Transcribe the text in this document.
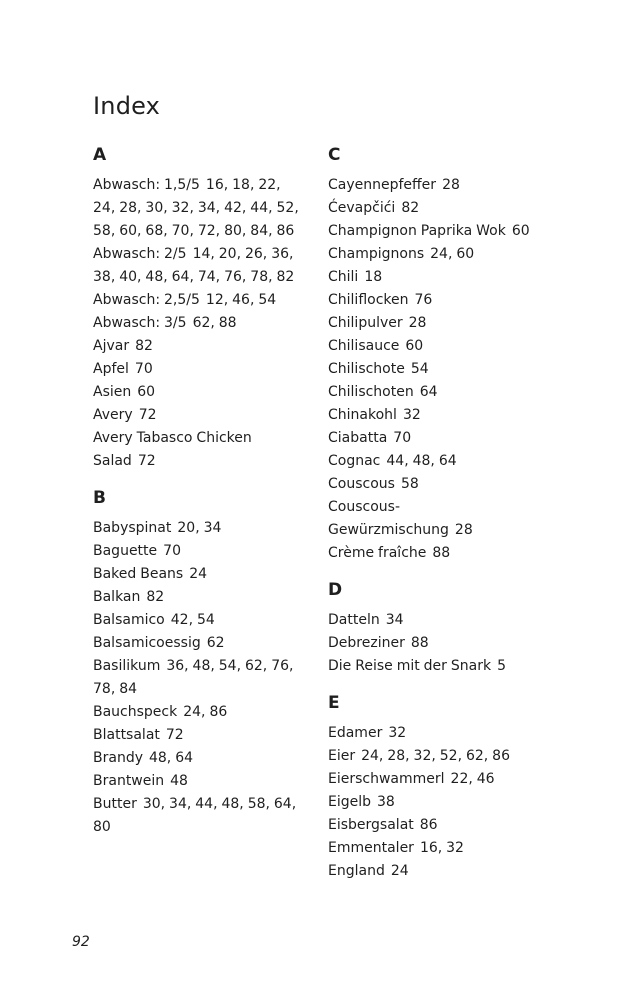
Index
A
Abwasch: 1,5/5 16, 18, 22, 24, 28, 30, 32, 34, 42, 44, 52, 58, 60, 68, 70, 72, 80, 84, 86
Abwasch: 2/5 14, 20, 26, 36, 38, 40, 48, 64, 74, 76, 78, 82
Abwasch: 2,5/5 12, 46, 54
Abwasch: 3/5 62, 88
Ajvar 82
Apfel 70
Asien 60
Avery 72
Avery Tabasco Chicken Salad 72
B
Babyspinat 20, 34
Baguette 70
Baked Beans 24
Balkan 82
Balsamico 42, 54
Balsamicoessig 62
Basilikum 36, 48, 54, 62, 76, 78, 84
Bauchspeck 24, 86
Blattsalat 72
Brandy 48, 64
Brantwein 48
Butter 30, 34, 44, 48, 58, 64, 80
C
Cayennepfeffer 28
Ćevapčići 82
Champignon Paprika Wok 60
Champignons 24, 60
Chili 18
Chiliflocken 76
Chilipulver 28
Chilisauce 60
Chilischote 54
Chilischoten 64
Chinakohl 32
Ciabatta 70
Cognac 44, 48, 64
Couscous 58
Couscous-Gewürzmischung 28
Crème fraîche 88
D
Datteln 34
Debreziner 88
Die Reise mit der Snark 5
E
Edamer 32
Eier 24, 28, 32, 52, 62, 86
Eierschwammerl 22, 46
Eigelb 38
Eisbergsalat 86
Emmentaler 16, 32
England 24
92
